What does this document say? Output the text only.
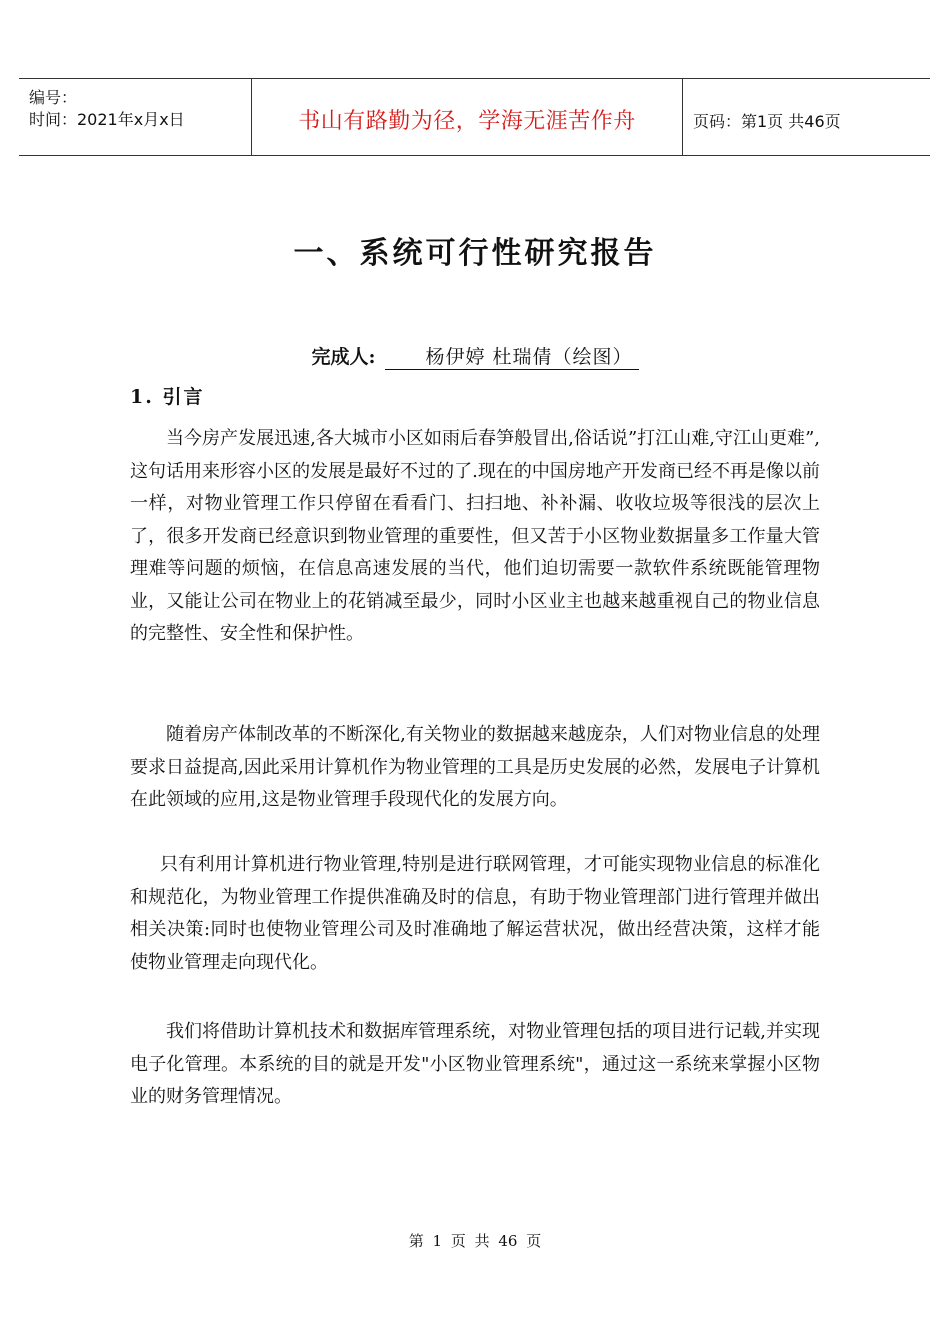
编号：
时间：2021年x月x日	书山有路勤为径，学海无涯苦作舟	页码：第1页 共46页
一、系统可行性研究报告
完成人:	杨伊婷 杜瑞倩（绘图）
1. 引言

当今房产发展迅速,各大城市小区如雨后春笋般冒出,俗话说”打江山难,守江山更难”,这句话用来形容小区的发展是最好不过的了.现在的中国房地产开发商已经不再是像以前一样，对物业管理工作只停留在看看门、扫扫地、补补漏、收收垃圾等很浅的层次上了，很多开发商已经意识到物业管理的重要性，但又苦于小区物业数据量多工作量大管理难等问题的烦恼，在信息高速发展的当代，他们迫切需要一款软件系统既能管理物业，又能让公司在物业上的花销减至最少，同时小区业主也越来越重视自己的物业信息的完整性、安全性和保护性。

随着房产体制改革的不断深化,有关物业的数据越来越庞杂，人们对物业信息的处理要求日益提高,因此采用计算机作为物业管理的工具是历史发展的必然，发展电子计算机在此领域的应用,这是物业管理手段现代化的发展方向。

只有利用计算机进行物业管理,特别是进行联网管理，才可能实现物业信息的标准化和规范化，为物业管理工作提供准确及时的信息，有助于物业管理部门进行管理并做出相关决策:同时也使物业管理公司及时准确地了解运营状况，做出经营决策，这样才能使物业管理走向现代化。

我们将借助计算机技术和数据库管理系统，对物业管理包括的项目进行记载,并实现电子化管理。本系统的目的就是开发"小区物业管理系统"，通过这一系统来掌握小区物业的财务管理情况。

第 1 页 共 46 页
